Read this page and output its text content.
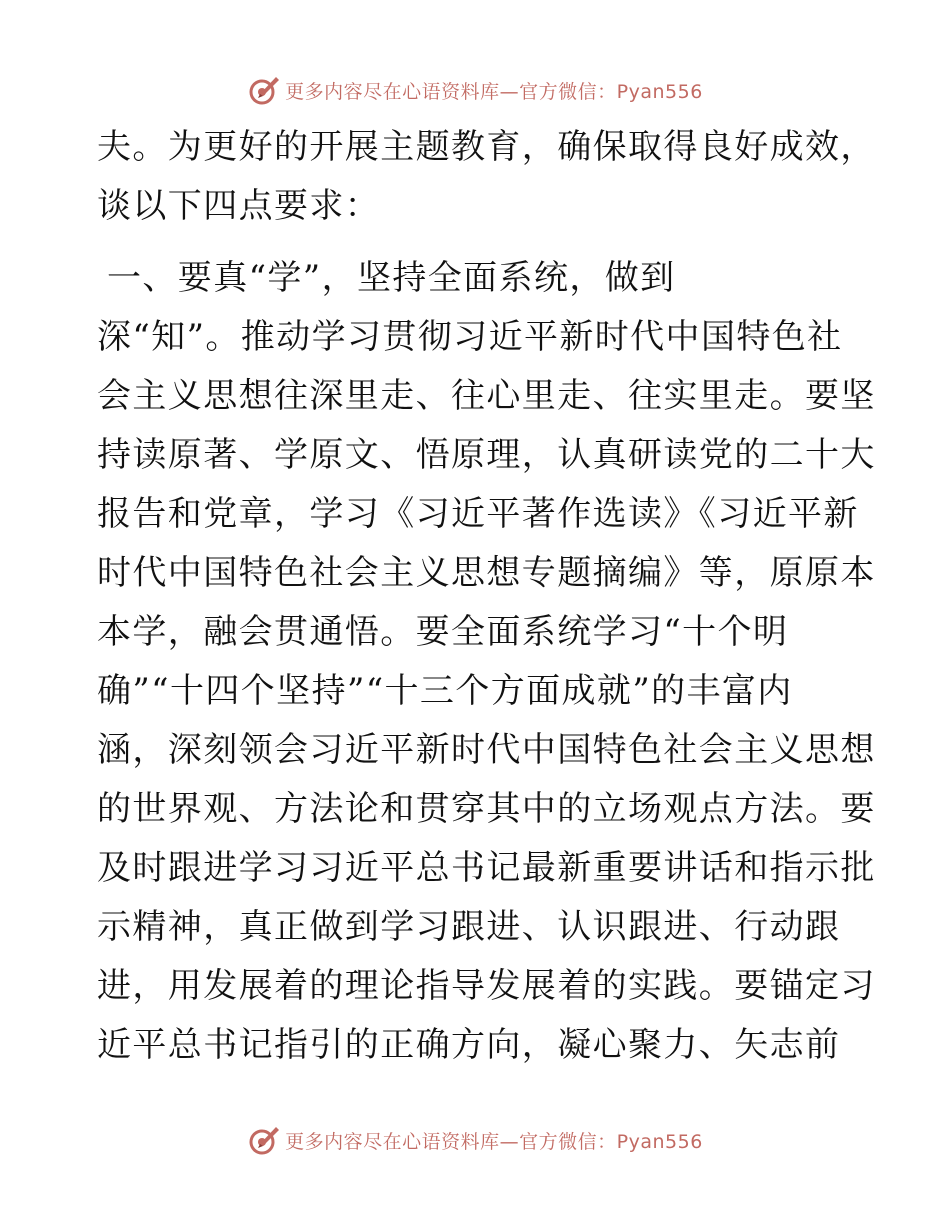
更多内容尽在心语资料库—官方微信：Pyan556
夫。为更好的开展主题教育，确保取得良好成效，
谈以下四点要求：
一、要真“学”，坚持全面系统，做到
深“知”。推动学习贯彻习近平新时代中国特色社
会主义思想往深里走、往心里走、往实里走。要坚
持读原著、学原文、悟原理，认真研读党的二十大
报告和党章，学习《习近平著作选读》《习近平新
时代中国特色社会主义思想专题摘编》等，原原本
本学，融会贯通悟。要全面系统学习“十个明
确”“十四个坚持”“十三个方面成就”的丰富内
涵，深刻领会习近平新时代中国特色社会主义思想
的世界观、方法论和贯穿其中的立场观点方法。要
及时跟进学习习近平总书记最新重要讲话和指示批
示精神，真正做到学习跟进、认识跟进、行动跟
进，用发展着的理论指导发展着的实践。要锚定习
近平总书记指引的正确方向，凝心聚力、矢志前
更多内容尽在心语资料库—官方微信：Pyan556
